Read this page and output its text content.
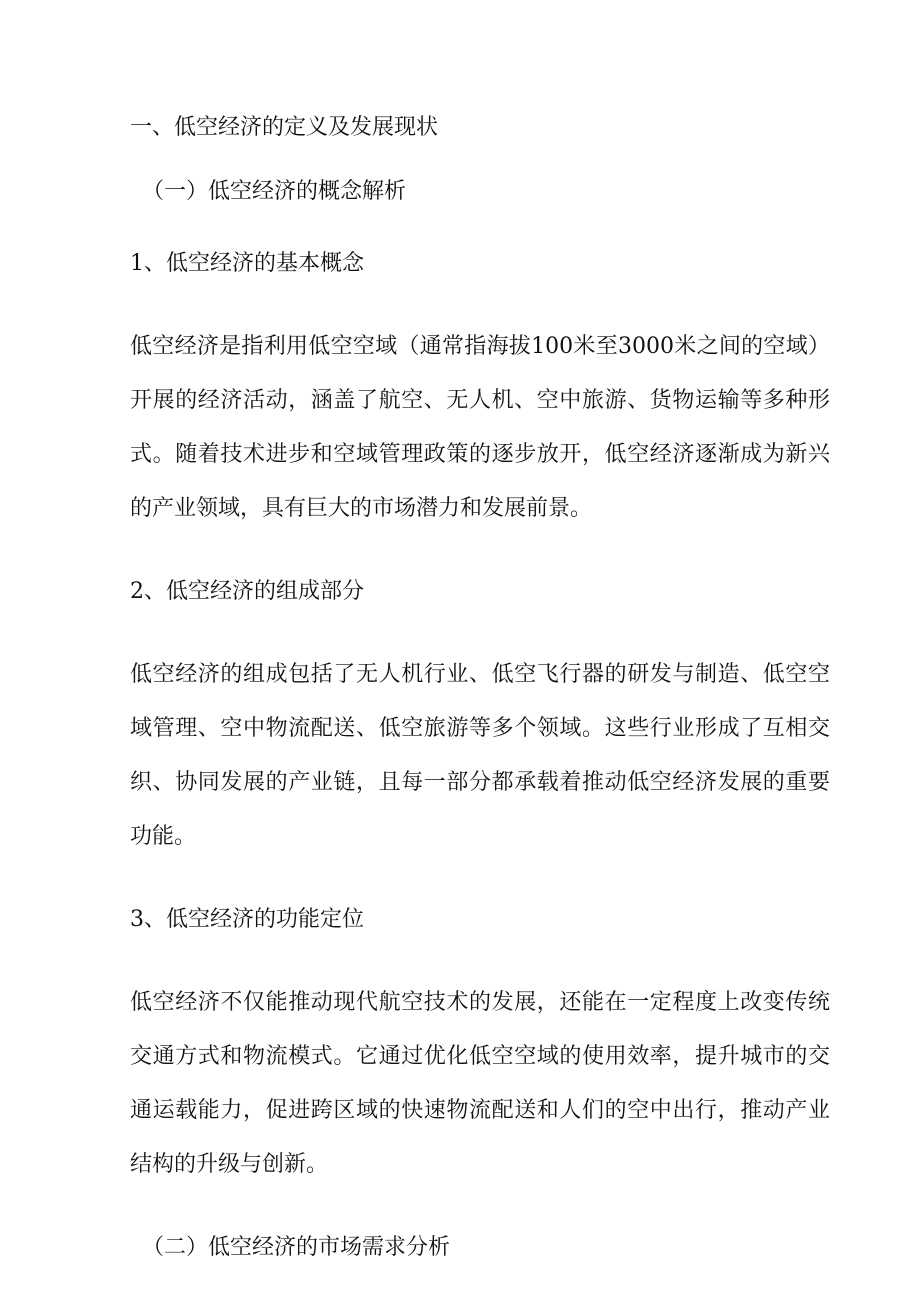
一、低空经济的定义及发展现状
（一）低空经济的概念解析
1、低空经济的基本概念

低空经济是指利用低空空域（通常指海拔100米至3000米之间的空域）开展的经济活动，涵盖了航空、无人机、空中旅游、货物运输等多种形式。随着技术进步和空域管理政策的逐步放开，低空经济逐渐成为新兴的产业领域，具有巨大的市场潜力和发展前景。

2、低空经济的组成部分

低空经济的组成包括了无人机行业、低空飞行器的研发与制造、低空空域管理、空中物流配送、低空旅游等多个领域。这些行业形成了互相交织、协同发展的产业链，且每一部分都承载着推动低空经济发展的重要功能。

3、低空经济的功能定位

低空经济不仅能推动现代航空技术的发展，还能在一定程度上改变传统交通方式和物流模式。它通过优化低空空域的使用效率，提升城市的交通运载能力，促进跨区域的快速物流配送和人们的空中出行，推动产业结构的升级与创新。

（二）低空经济的市场需求分析
